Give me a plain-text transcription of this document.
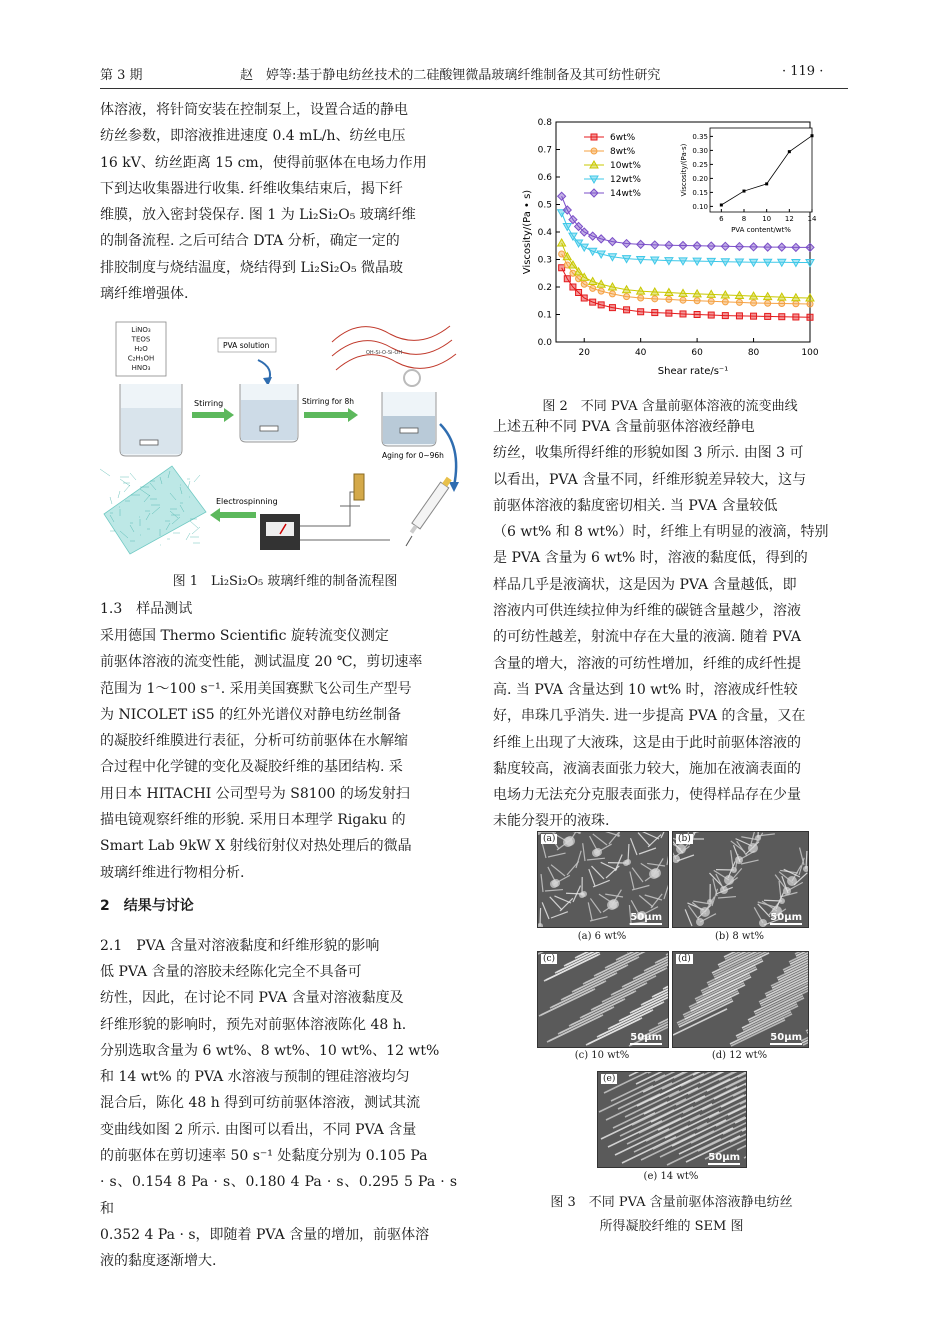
第 3 期	赵　婷等:基于静电纺丝技术的二硅酸锂微晶玻璃纤维制备及其可纺性研究	· 119 ·
体溶液，将针筒安装在控制泵上，设置合适的静电
纺丝参数，即溶液推进速度 0.4 mL/h、纺丝电压
16 kV、纺丝距离 15 cm，使得前驱体在电场力作用
下到达收集器进行收集. 纤维收集结束后，揭下纤
维膜，放入密封袋保存. 图 1 为 Li₂Si₂O₅ 玻璃纤维
的制备流程. 之后可结合 DTA 分析，确定一定的
排胶制度与烧结温度，烧结得到 Li₂Si₂O₅ 微晶玻
璃纤维增强体.
LiNO₃
TEOS
H₂O
C₂H₅OH
HNO₃
Stirring
PVA solution
Stirring for 8h
OH-Si-O-Si-OH
Aging for 0~96h
Electrospinning
图 1　Li₂Si₂O₅ 玻璃纤维的制备流程图
1.3　样品测试
采用德国 Thermo Scientific 旋转流变仪测定
前驱体溶液的流变性能，测试温度 20 ℃，剪切速率
范围为 1～100 s⁻¹. 采用美国赛默飞公司生产型号
为 NICOLET iS5 的红外光谱仪对静电纺丝制备
的凝胶纤维膜进行表征，分析可纺前驱体在水解缩
合过程中化学键的变化及凝胶纤维的基团结构. 采
用日本 HITACHI 公司型号为 S8100 的场发射扫
描电镜观察纤维的形貌. 采用日本理学 Rigaku 的
Smart Lab 9kW X 射线衍射仪对热处理后的微晶
玻璃纤维进行物相分析.
2　结果与讨论
2.1　PVA 含量对溶液黏度和纤维形貌的影响
低 PVA 含量的溶胶未经陈化完全不具备可
纺性，因此，在讨论不同 PVA 含量对溶液黏度及
纤维形貌的影响时，预先对前驱体溶液陈化 48 h.
分别选取含量为 6 wt%、8 wt%、10 wt%、12 wt%
和 14 wt% 的 PVA 水溶液与预制的锂硅溶液均匀
混合后，陈化 48 h 得到可纺前驱体溶液，测试其流
变曲线如图 2 所示. 由图可以看出，不同 PVA 含量
的前驱体在剪切速率 50 s⁻¹ 处黏度分别为 0.105 Pa
· s、0.154 8 Pa · s、0.180 4 Pa · s、0.295 5 Pa · s 和
0.352 4 Pa · s，即随着 PVA 含量的增加，前驱体溶
液的黏度逐渐增大.
0.0
0.1
0.2
0.3
0.4
0.5
0.6
0.7
0.8
20	40	60	80	100
Shear rate/s⁻¹
Viscosity/(Pa • s)
6wt%
8wt%
10wt%
12wt%
14wt%
0.10
0.15
0.20
0.25
0.30
0.35
6	8 10 12 14
PVA content/wt%
Viscosity/(Pa·s)
图 2　不同 PVA 含量前驱体溶液的流变曲线
上述五种不同 PVA 含量前驱体溶液经静电
纺丝，收集所得纤维的形貌如图 3 所示. 由图 3 可
以看出，PVA 含量不同，纤维形貌差异较大，这与
前驱体溶液的黏度密切相关. 当 PVA 含量较低
（6 wt% 和 8 wt%）时，纤维上有明显的液滴，特别
是 PVA 含量为 6 wt% 时，溶液的黏度低，得到的
样品几乎是液滴状，这是因为 PVA 含量越低，即
溶液内可供连续拉伸为纤维的碳链含量越少，溶液
的可纺性越差，射流中存在大量的液滴. 随着 PVA
含量的增大，溶液的可纺性增加，纤维的成纤性提
高. 当 PVA 含量达到 10 wt% 时，溶液成纤性较
好，串珠几乎消失. 进一步提高 PVA 的含量，又在
纤维上出现了大液珠，这是由于此时前驱体溶液的
黏度较高，液滴表面张力较大，施加在液滴表面的
电场力无法充分克服表面张力，使得样品存在少量
未能分裂开的液珠.
(a)
50μm
(a) 6 wt%
(b)
50μm
(b) 8 wt%
(c)
50μm
(c) 10 wt%
(d)
50μm
(d) 12 wt%
(e)
50μm
(e) 14 wt%
图 3　不同 PVA 含量前驱体溶液静电纺丝
所得凝胶纤维的 SEM 图
